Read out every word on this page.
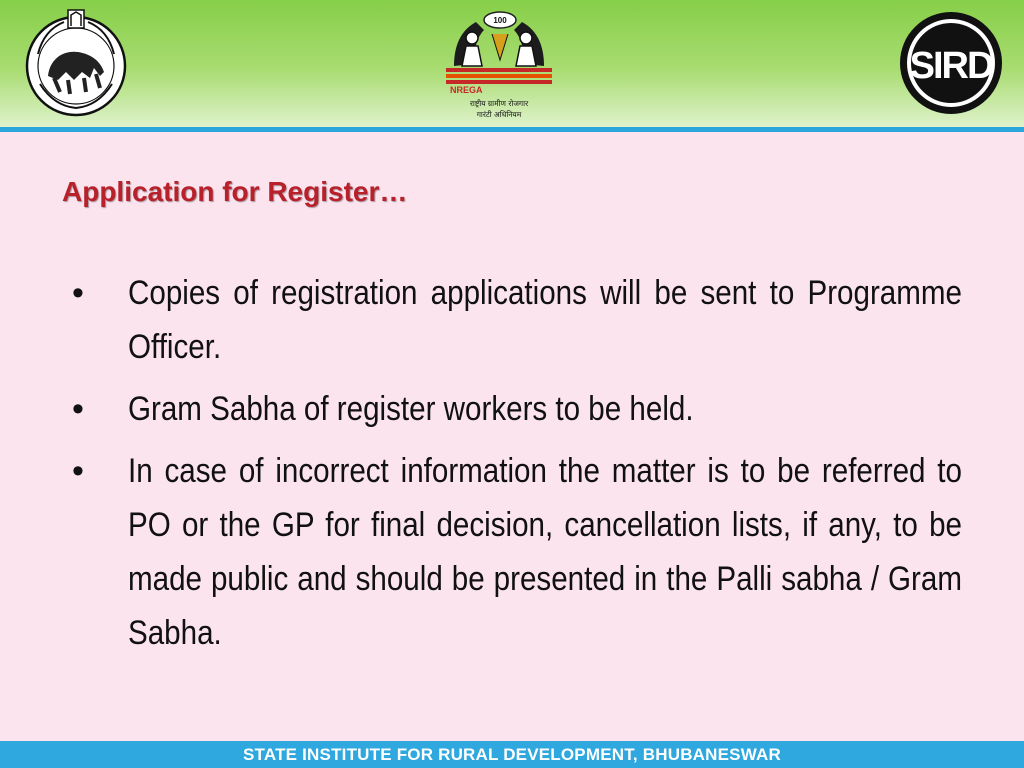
100
NREGA
राष्ट्रीय ग्रामीण रोजगार
गारंटी अधिनियम
SIRD
Application for Register…
•	Copies of registration applications will be sent to Programme Officer.
•	Gram Sabha of register workers to be held.
•	In case of incorrect information the matter is to be referred to PO or the GP for final decision, cancellation lists, if any, to be made public and should be presented in the Palli sabha / Gram Sabha.
STATE INSTITUTE FOR RURAL DEVELOPMENT, BHUBANESWAR
